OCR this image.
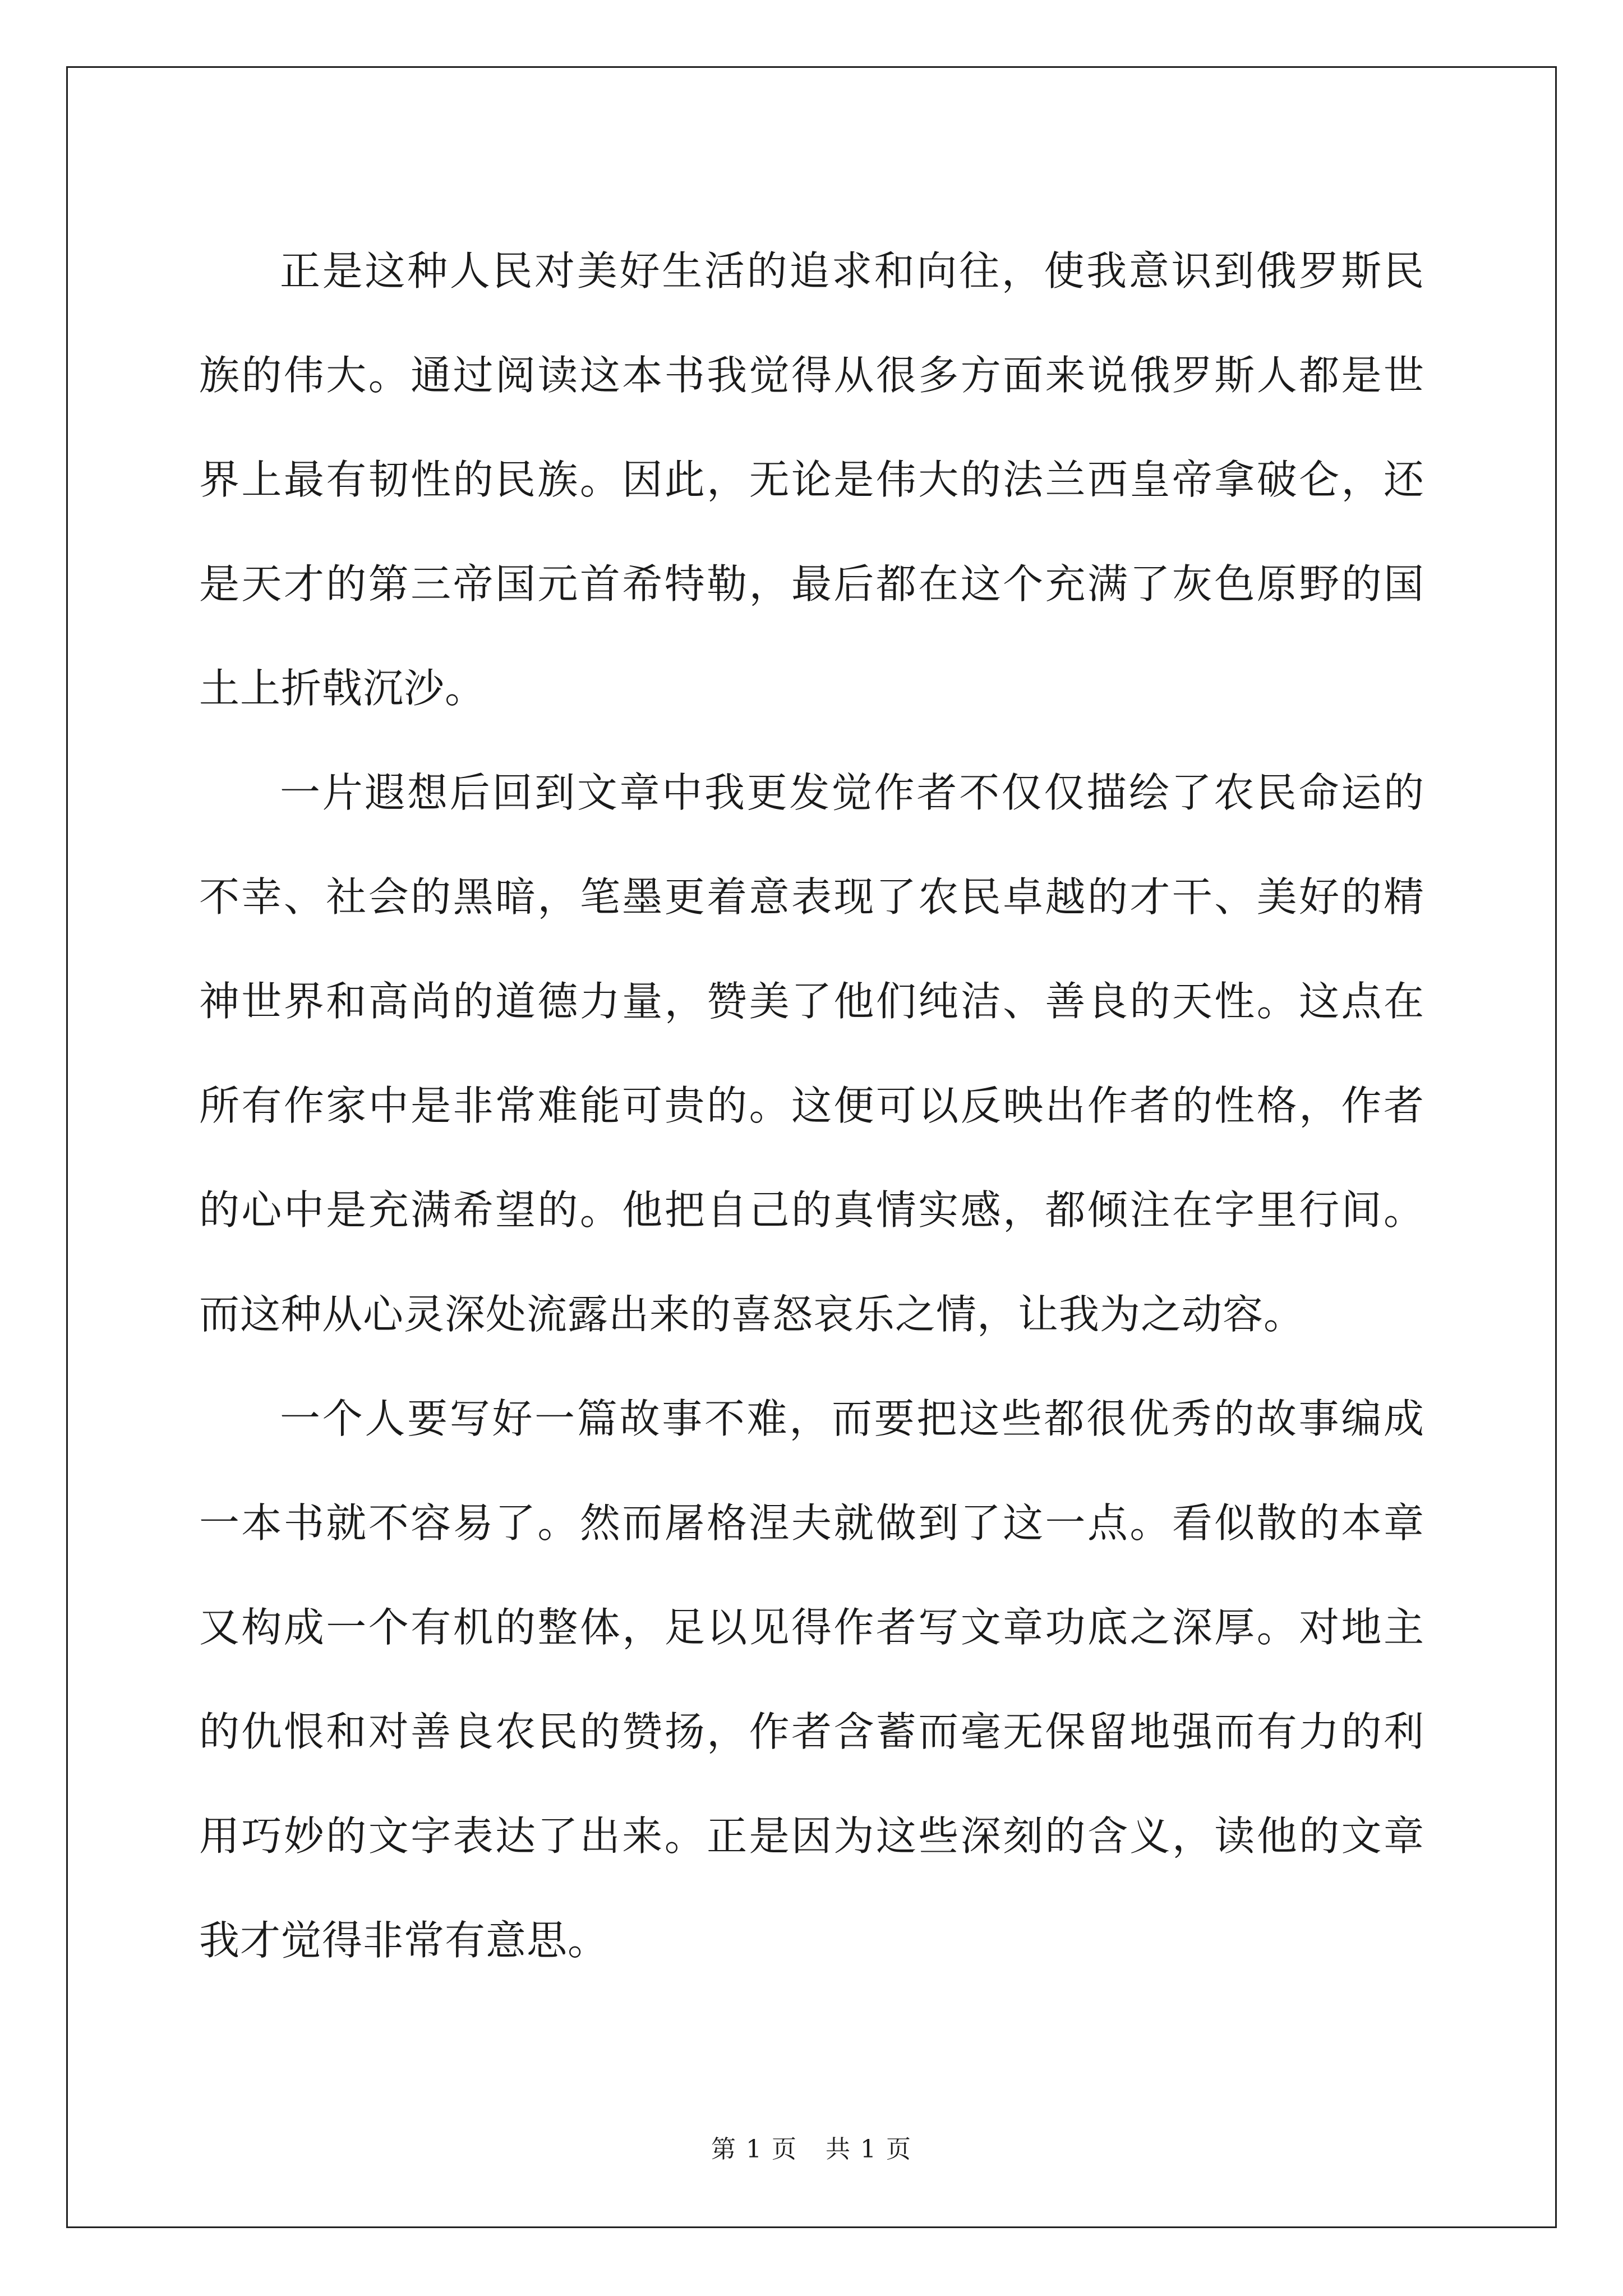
正是这种人民对美好生活的追求和向往，使我意识到俄罗斯民族的伟大。通过阅读这本书我觉得从很多方面来说俄罗斯人都是世界上最有韧性的民族。因此，无论是伟大的法兰西皇帝拿破仑，还是天才的第三帝国元首希特勒，最后都在这个充满了灰色原野的国土上折戟沉沙。

一片遐想后回到文章中我更发觉作者不仅仅描绘了农民命运的不幸、社会的黑暗，笔墨更着意表现了农民卓越的才干、美好的精神世界和高尚的道德力量，赞美了他们纯洁、善良的天性。这点在所有作家中是非常难能可贵的。这便可以反映出作者的性格，作者的心中是充满希望的。他把自己的真情实感，都倾注在字里行间。而这种从心灵深处流露出来的喜怒哀乐之情，让我为之动容。

一个人要写好一篇故事不难，而要把这些都很优秀的故事编成一本书就不容易了。然而屠格涅夫就做到了这一点。看似散的本章又构成一个有机的整体，足以见得作者写文章功底之深厚。对地主的仇恨和对善良农民的赞扬，作者含蓄而毫无保留地强而有力的利用巧妙的文字表达了出来。正是因为这些深刻的含义，读他的文章我才觉得非常有意思。

第 1 页 共 1 页
